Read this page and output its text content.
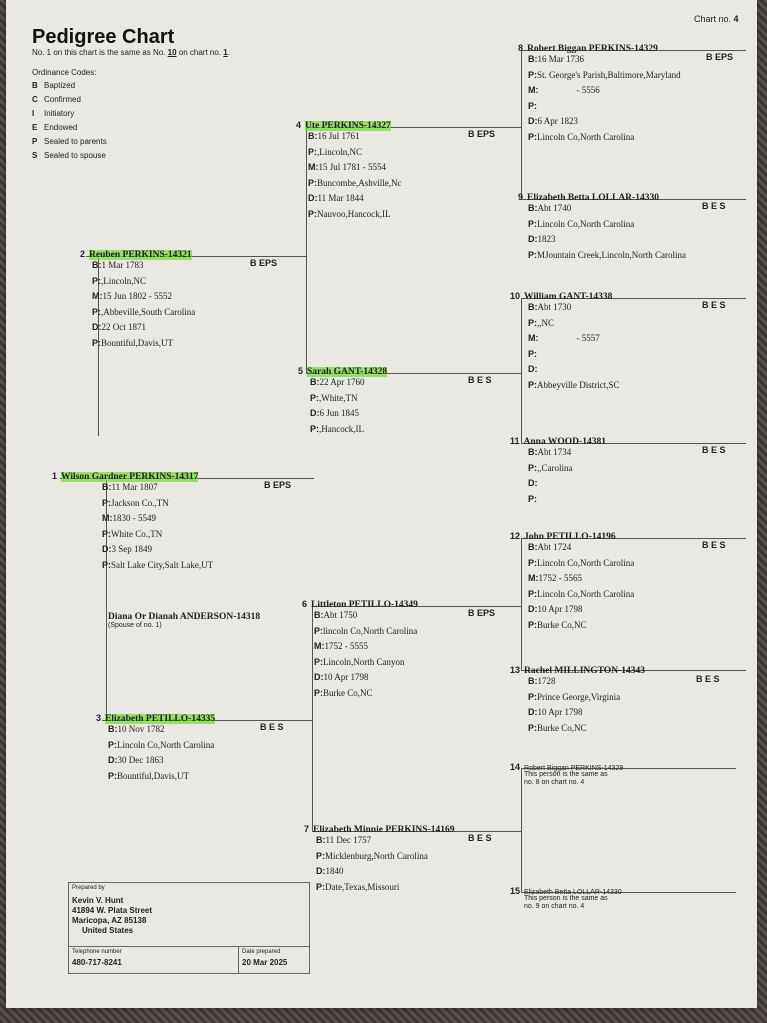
Chart no. 4
Pedigree Chart
No. 1 on this chart is the same as No. 10 on chart no. 1.
Ordinance Codes:
B Baptized
C Confirmed
I Initiatory
E Endowed
P Sealed to parents
S Sealed to spouse
1 Wilson Gardner PERKINS-14317
B EPS
B:11 Mar 1807
P:Jackson Co.,TN
M:1830 - 5549
P:White Co.,TN
D:3 Sep 1849
P:Salt Lake City,Salt Lake,UT
Diana Or Dianah ANDERSON-14318
(Spouse of no. 1)
2 Reuben PERKINS-14321
B EPS
B:1 Mar 1783
P:,Lincoln,NC
M:15 Jun 1802 - 5552
P:,Abbeville,South Carolina
D:22 Oct 1871
P:Bountiful,Davis,UT
3 Elizabeth PETILLO-14335
B E S
B:10 Nov 1782
P:Lincoln Co,North Carolina
D:30 Dec 1863
P:Bountiful,Davis,UT
4 Ute PERKINS-14327
B EPS
B:16 Jul 1761
P:,Lincoln,NC
M:15 Jul 1781 - 5554
P:Buncombe,Ashville,Nc
D:11 Mar 1844
P:Nauvoo,Hancock,IL
5 Sarah GANT-14328
B E S
B:22 Apr 1760
P:,White,TN
D:6 Jun 1845
P:,Hancock,IL
6 Littleton PETILLO-14349
B EPS
B:Abt 1750
P:lincoln Co,North Carolina
M:1752 - 5555
P:Lincoln,North Canyon
D:10 Apr 1798
P:Burke Co,NC
7 Elizabeth Minnie PERKINS-14169
B E S
B:11 Dec 1757
P:Micklenburg,North Carolina
D:1840
P:Date,Texas,Missouri
8 Robert Biggan PERKINS-14329
B EPS
B:16 Mar 1736
P:St. George's Parish,Baltimore,Maryland
M:	- 5556
P:
D:6 Apr 1823
P:Lincoln Co,North Carolina
9 Elizabeth Betta LOLLAR-14330
B E S
B:Abt 1740
P:Lincoln Co,North Carolina
D:1823
P:MJountain Creek,Lincoln,North Carolina
10 William GANT-14338
B E S
B:Abt 1730
P:,,NC
M:	- 5557
P:
D:
P:Abbeyville District,SC
11 Anna WOOD-14381
B E S
B:Abt 1734
P:,,Carolina
D:
P:
12 John PETILLO-14196
B E S
B:Abt 1724
P:Lincoln Co,North Carolina
M:1752 - 5565
P:Lincoln Co,North Carolina
D:10 Apr 1798
P:Burke Co,NC
13 Rachel MILLINGTON-14343
B E S
B:1728
P:Prince George,Virginia
D:10 Apr 1798
P:Burke Co,NC
14 Robert Biggan PERKINS-14329
This person is the same as
no. 8 on chart no. 4
15 Elizabeth Betta LOLLAR-14330
This person is the same as
no. 9 on chart no. 4
Prepared by
Kevin V. Hunt
41894 W. Plata Street
Maricopa, AZ 85138
United States
Telephone number
480-717-8241
Date prepared
20 Mar 2025
